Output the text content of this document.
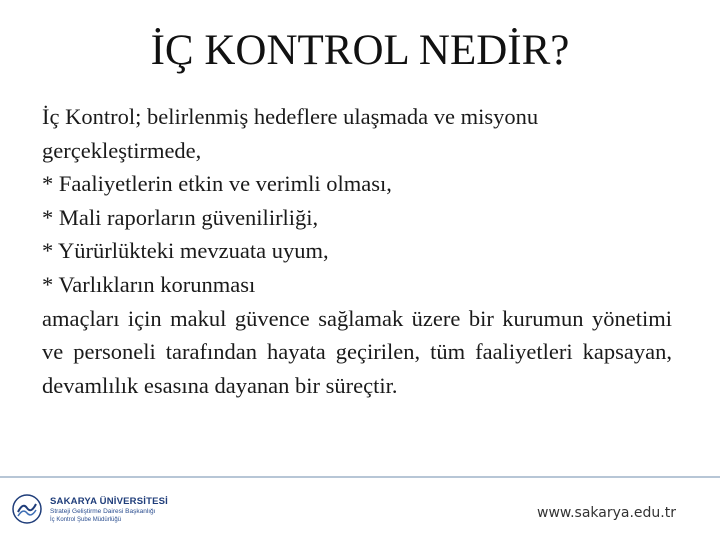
İÇ KONTROL NEDİR?

İç Kontrol; belirlenmiş hedeflere ulaşmada ve misyonu gerçekleştirmede,

* Faaliyetlerin etkin ve verimli olması,

* Mali raporların güvenilirliği,

* Yürürlükteki mevzuata uyum,

* Varlıkların korunması

amaçları için makul güvence sağlamak üzere bir kurumun yönetimi ve personeli tarafından hayata geçirilen, tüm faaliyetleri kapsayan, devamlılık esasına dayanan bir süreçtir.

SAKARYA ÜNİVERSİTESİ
Strateji Geliştirme Dairesi Başkanlığı
İç Kontrol Şube Müdürlüğü	www.sakarya.edu.tr
